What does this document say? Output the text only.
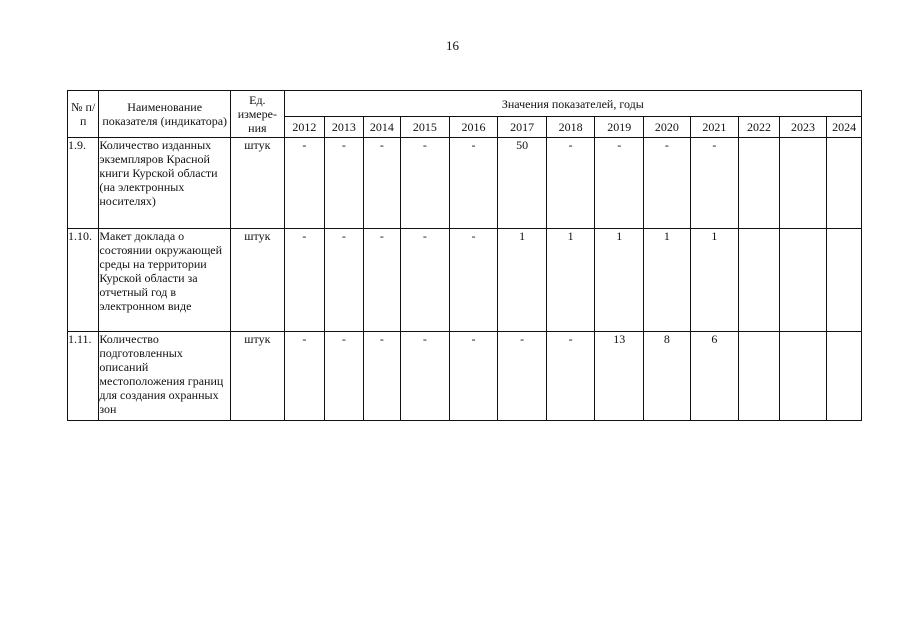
16
№ п/п	Наименование показателя (индикатора)	Ед. измере-ния	Значения показателей, годы												
			2012	2013	2014	2015	2016	2017	2018	2019	2020	2021	2022	2023	2024
1.9.	Количество изданных экземпляров Красной книги Курской области (на электронных носителях)	штук	-	-	-	-	-	50	-	-	-	-			
1.10.	Макет доклада о состоянии окружающей среды на территории Курской области за отчетный год в электронном виде	штук	-	-	-	-	-	1	1	1	1	1			
1.11.	Количество подготовленных описаний местоположения границ для создания охранных зон	штук	-	-	-	-	-	-	-	13	8	6			
